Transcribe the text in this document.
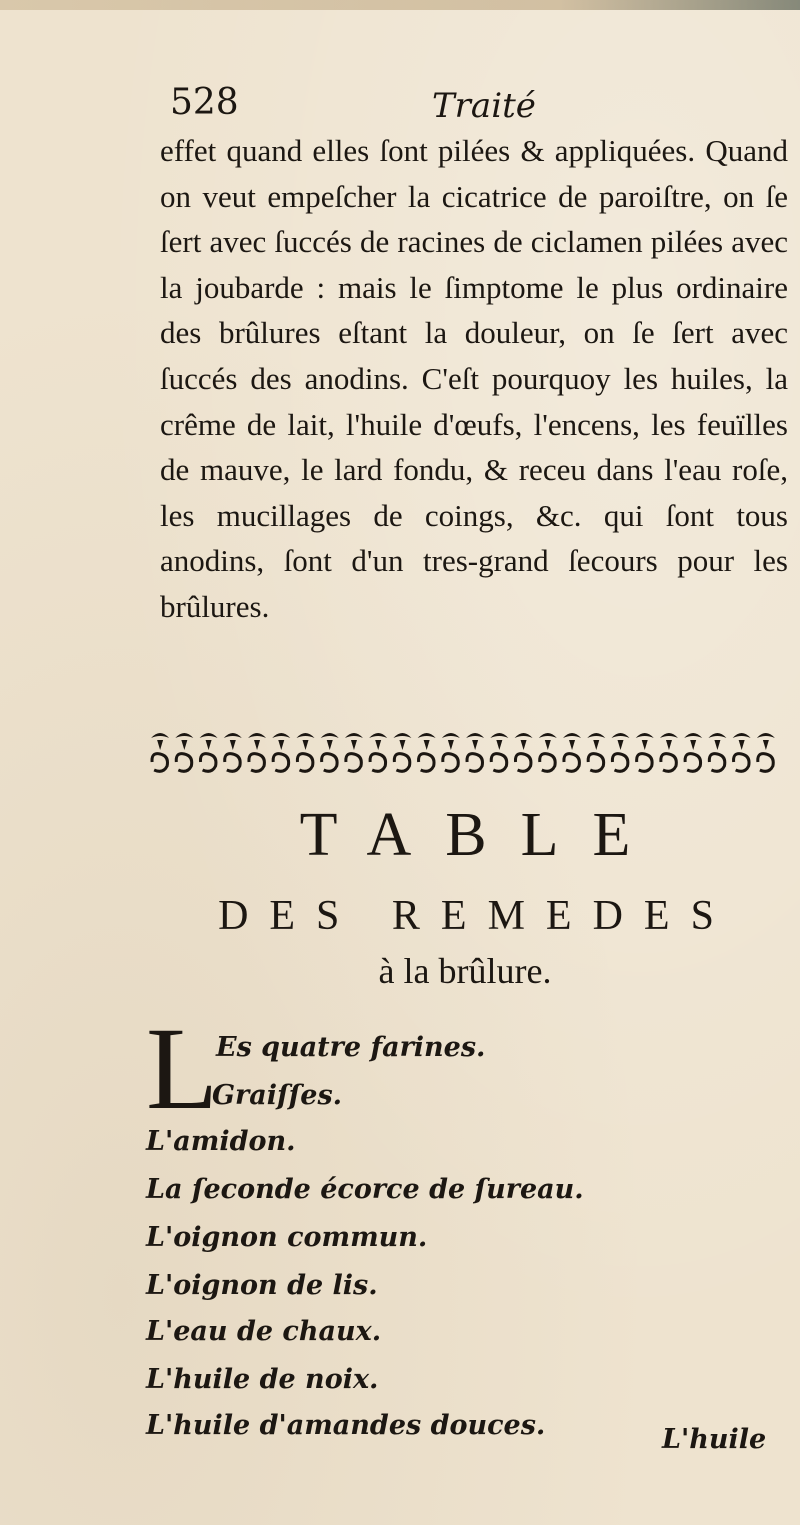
528	Traité

effet quand elles ſont pilées & appliquées. Quand on veut empeſcher la cicatrice de paroiſtre, on ſe ſert avec ſuccés de racines de ciclamen pilées avec la joubarde : mais le ſimptome le plus ordinaire des brûlures eſtant la douleur, on ſe ſert avec ſuccés des anodins. C'eſt pourquoy les huiles, la crême de lait, l'huile d'œufs, l'encens, les feuïlles de mauve, le lard fondu, & receu dans l'eau roſe, les mucillages de coings, &c. qui ſont tous anodins, ſont d'un tres-grand ſecours pour les brûlures.

TABLE
DES REMEDES
à la brûlure.
L
Es quatre farines.
Graiſſes.
L'amidon.
La ſeconde écorce de ſureau.
L'oignon commun.
L'oignon de lis.
L'eau de chaux.
L'huile de noix.
L'huile d'amandes douces.	L'huile
